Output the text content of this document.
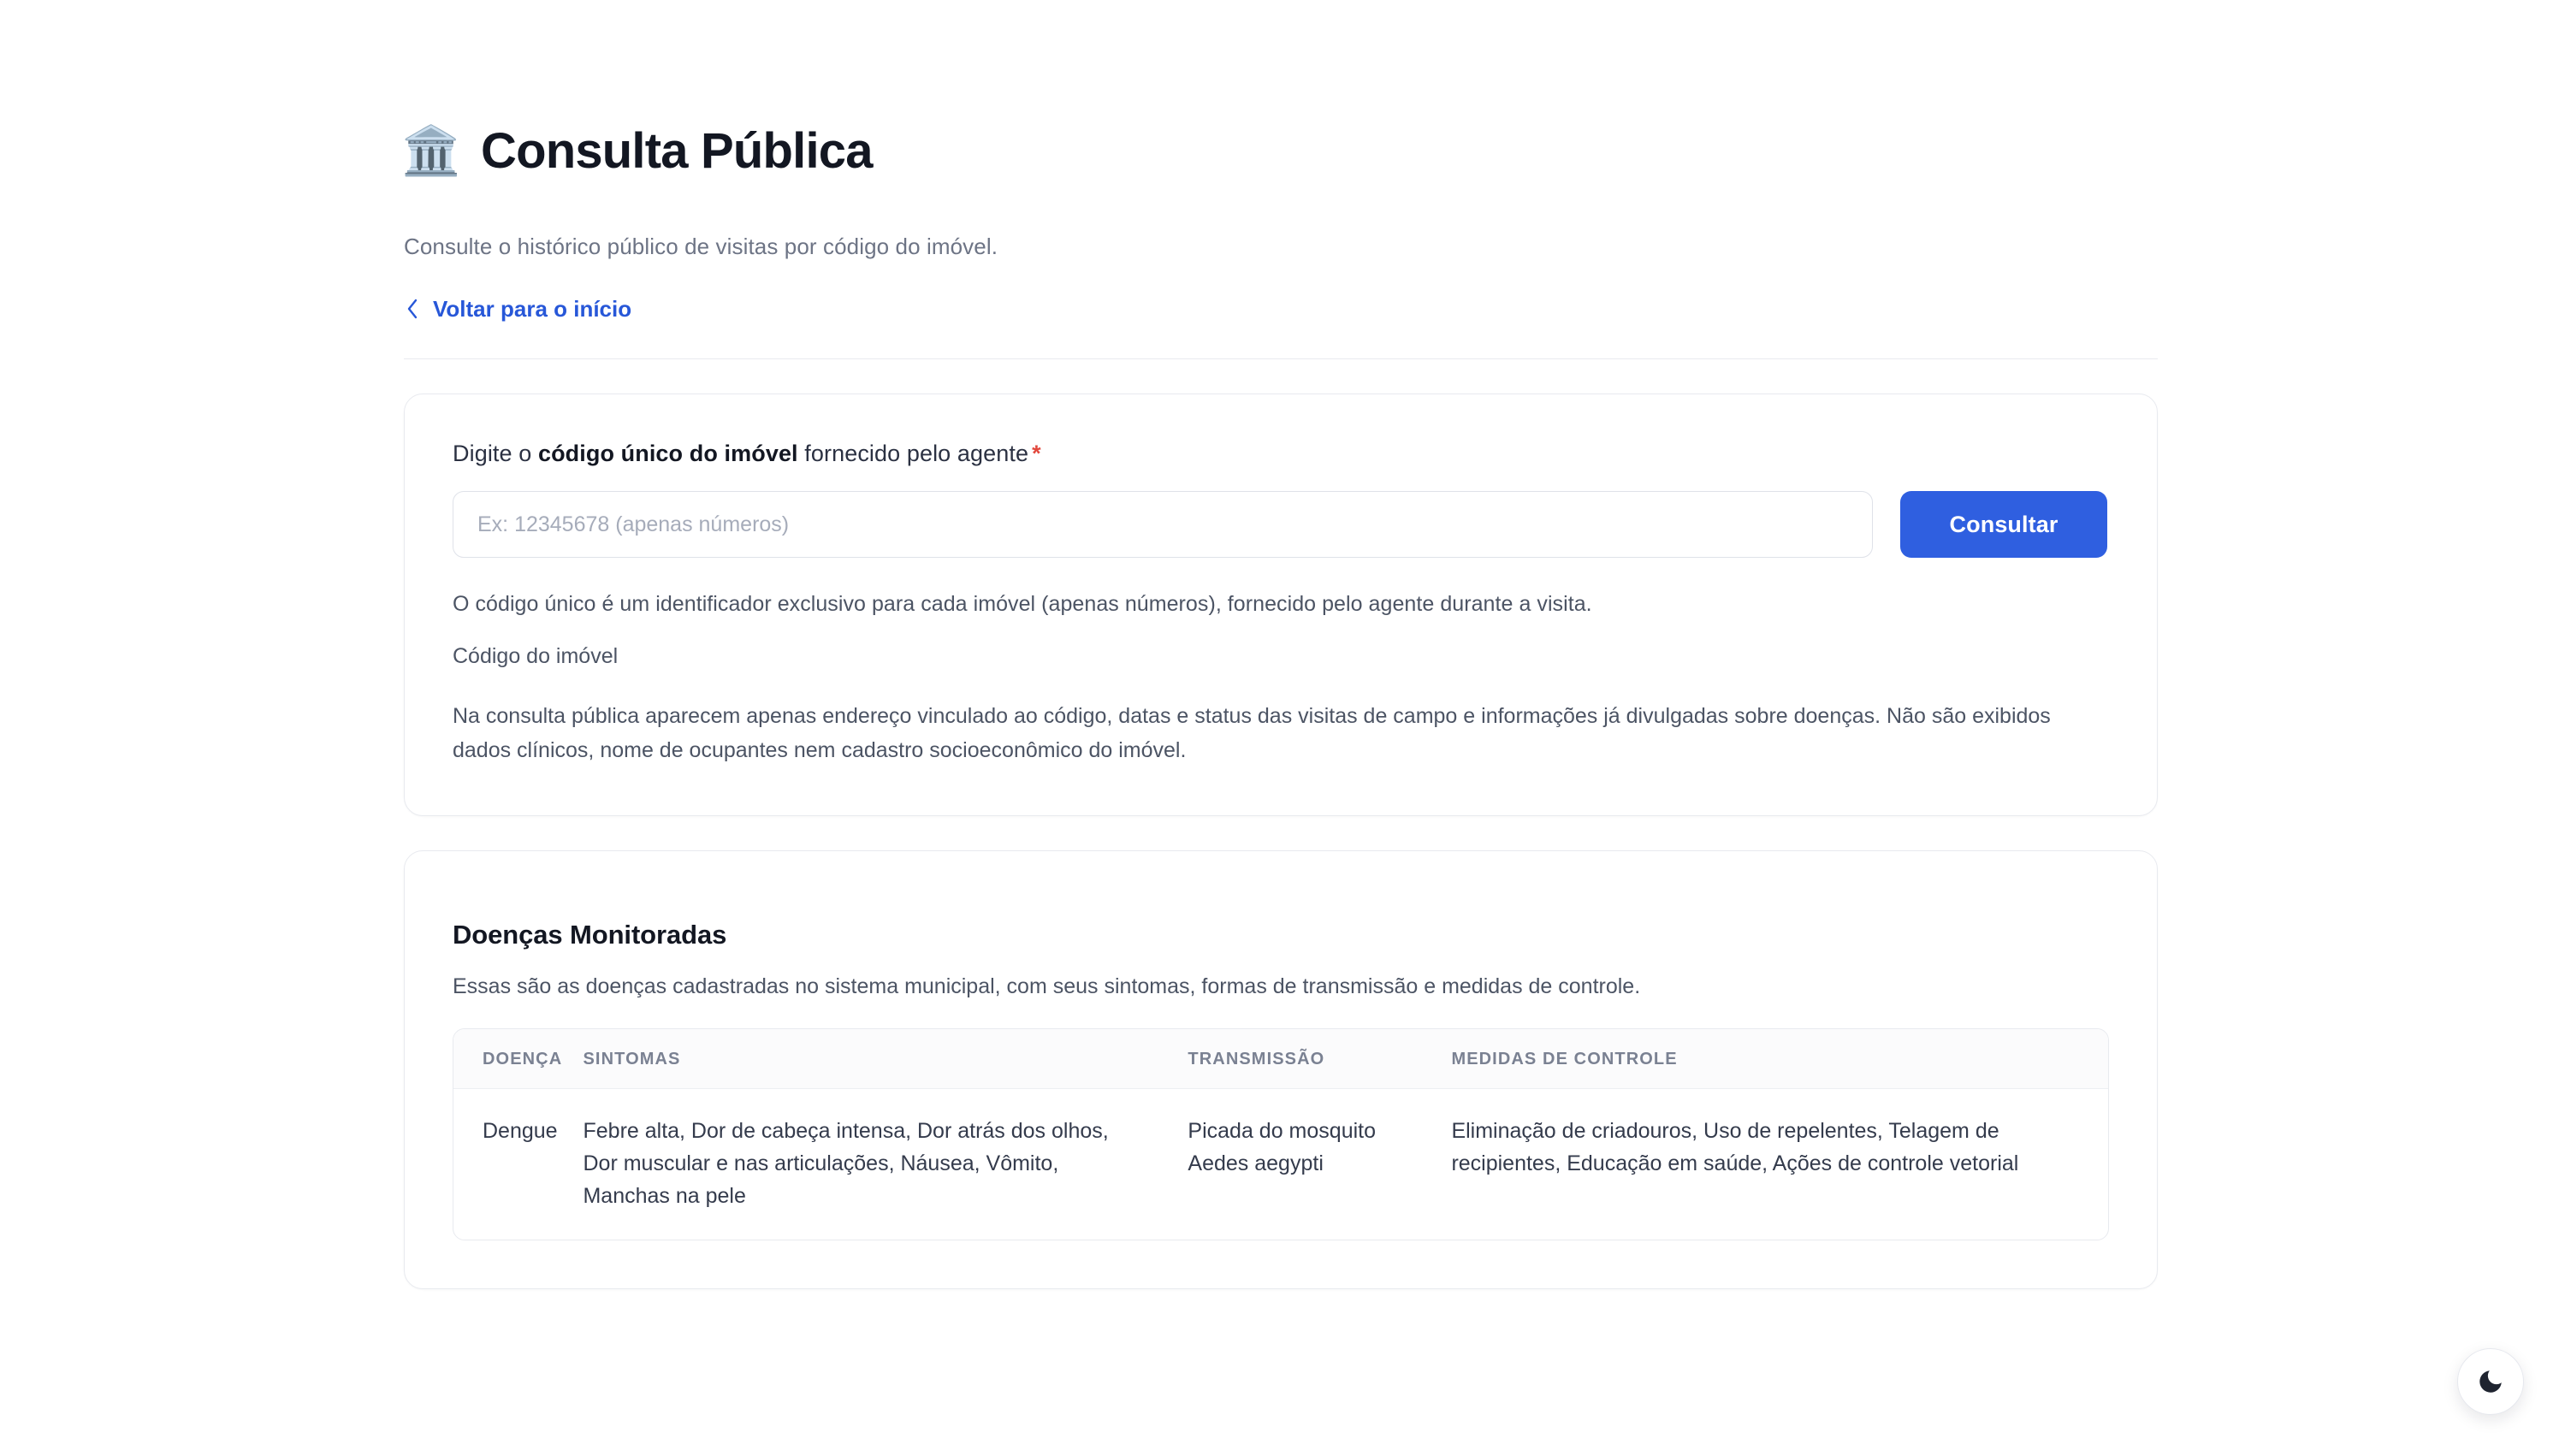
🏛️ Consulta Pública
Consulte o histórico público de visitas por código do imóvel.
Voltar para o início
Digite o código único do imóvel fornecido pelo agente *
Ex: 12345678 (apenas números)
Consultar
O código único é um identificador exclusivo para cada imóvel (apenas números), fornecido pelo agente durante a visita.
Código do imóvel
Na consulta pública aparecem apenas endereço vinculado ao código, datas e status das visitas de campo e informações já divulgadas sobre doenças. Não são exibidos dados clínicos, nome de ocupantes nem cadastro socioeconômico do imóvel.
Doenças Monitoradas
Essas são as doenças cadastradas no sistema municipal, com seus sintomas, formas de transmissão e medidas de controle.
DOENÇA	SINTOMAS	TRANSMISSÃO	MEDIDAS DE CONTROLE
Dengue	Febre alta, Dor de cabeça intensa, Dor atrás dos olhos, Dor muscular e nas articulações, Náusea, Vômito, Manchas na pele	Picada do mosquito Aedes aegypti	Eliminação de criadouros, Uso de repelentes, Telagem de recipientes, Educação em saúde, Ações de controle vetorial
